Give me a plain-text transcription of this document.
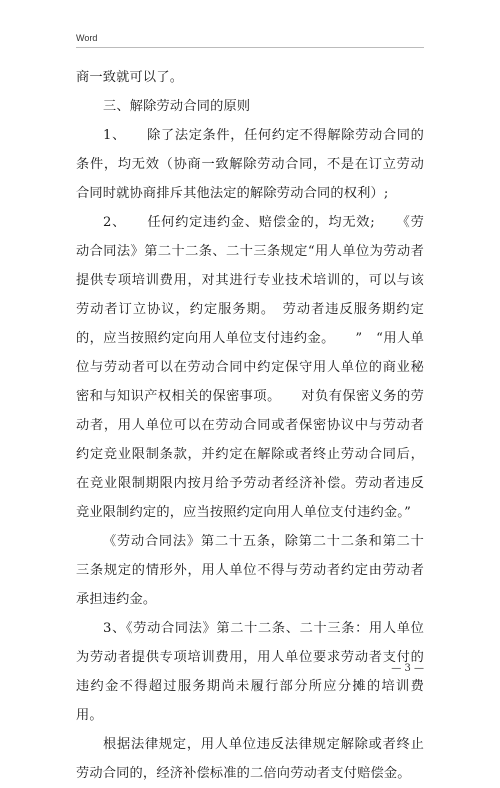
Word

商一致就可以了。

三、解除劳动合同的原则

1、　　除了法定条件，任何约定不得解除劳动合同的条件，均无效（协商一致解除劳动合同，不是在订立劳动合同时就协商排斥其他法定的解除劳动合同的权利）;

2、　　任何约定违约金、赔偿金的，均无效;　　《劳动合同法》第二十二条、二十三条规定“用人单位为劳动者提供专项培训费用，对其进行专业技术培训的，可以与该劳动者订立协议，约定服务期。　劳动者违反服务期约定的，应当按照约定向用人单位支付违约金。　　”　“用人单位与劳动者可以在劳动合同中约定保守用人单位的商业秘密和与知识产权相关的保密事项。　　对负有保密义务的劳动者，用人单位可以在劳动合同或者保密协议中与劳动者约定竞业限制条款，并约定在解除或者终止劳动合同后，在竞业限制期限内按月给予劳动者经济补偿。劳动者违反竞业限制约定的，应当按照约定向用人单位支付违约金。”

《劳动合同法》第二十五条，除第二十二条和第二十三条规定的情形外，用人单位不得与劳动者约定由劳动者承担违约金。

3、《劳动合同法》第二十二条、二十三条：用人单位为劳动者提供专项培训费用，用人单位要求劳动者支付的违约金不得超过服务期尚未履行部分所应分摊的培训费用。

根据法律规定，用人单位违反法律规定解除或者终止劳动合同的，经济补偿标准的二倍向劳动者支付赔偿金。

— 3 —
